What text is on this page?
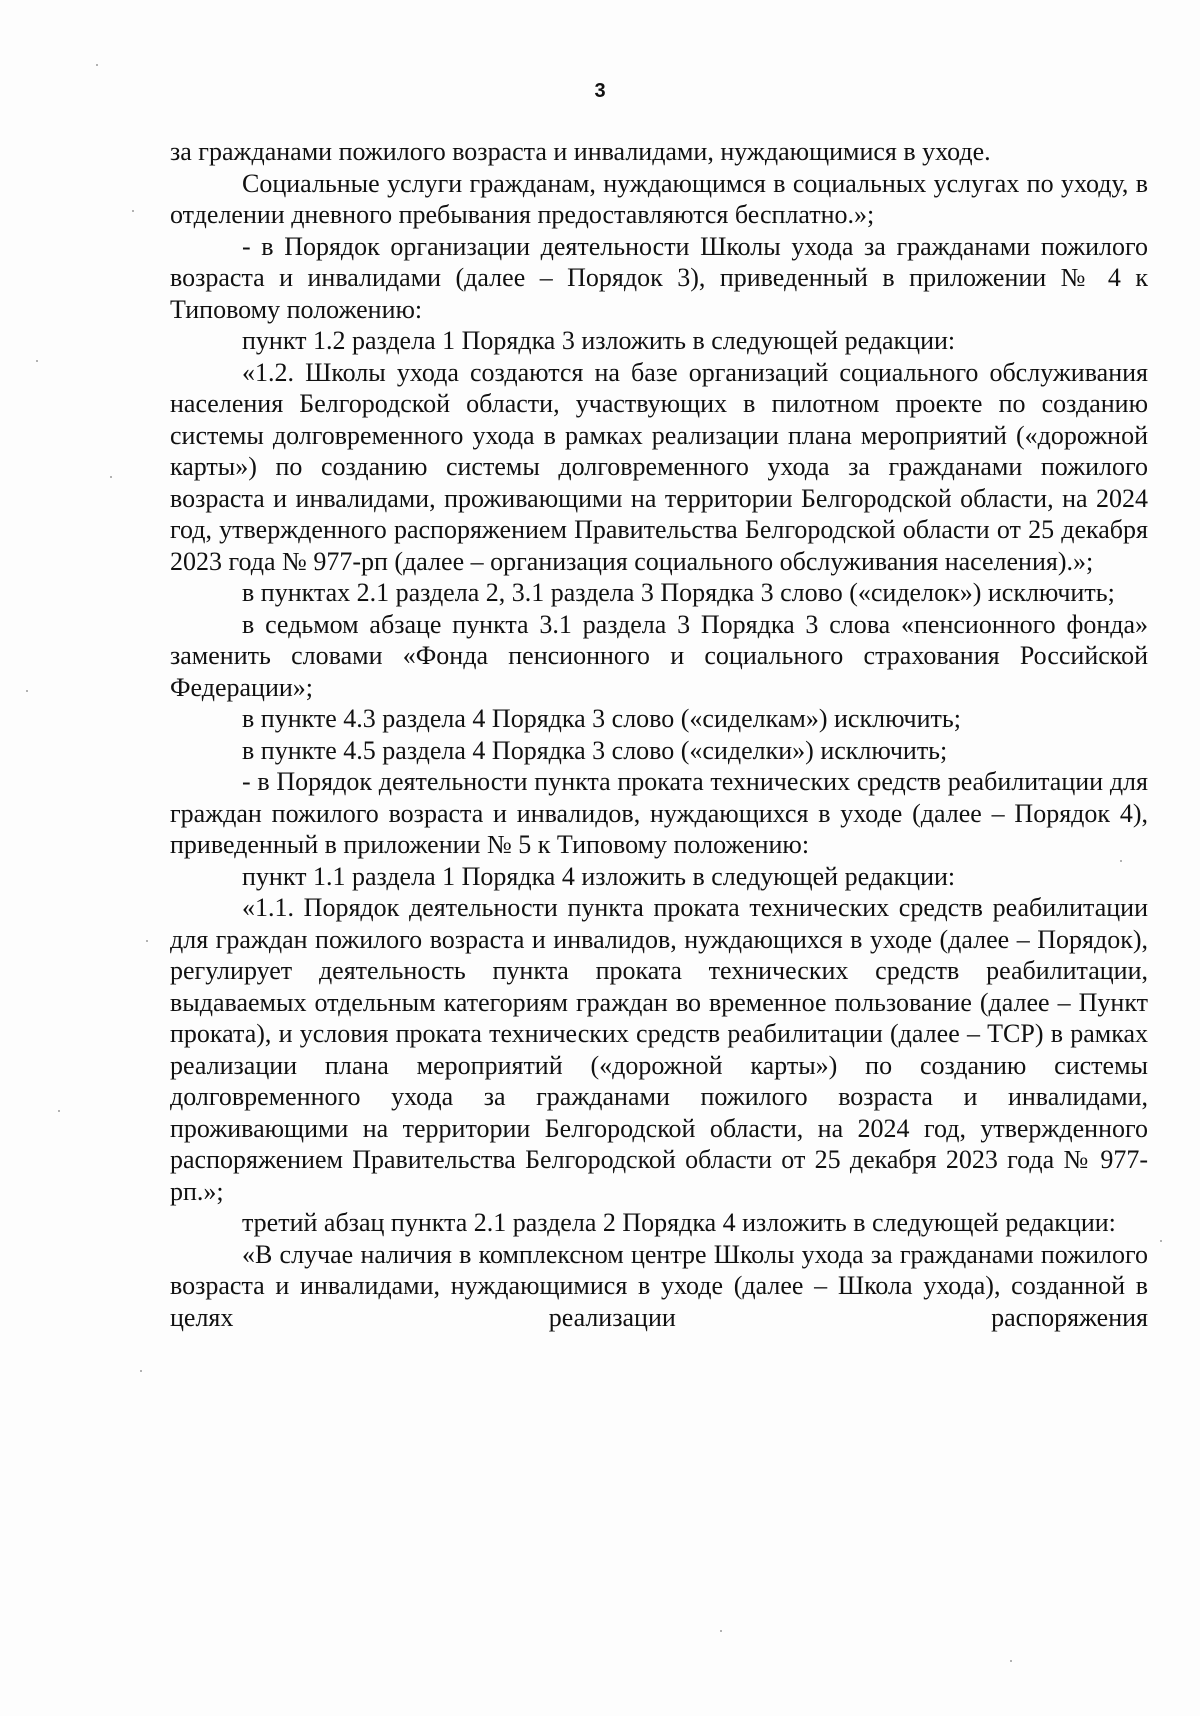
3

за гражданами пожилого возраста и инвалидами, нуждающимися в уходе.

Социальные услуги гражданам, нуждающимся в социальных услугах по уходу, в отделении дневного пребывания предоставляются бесплатно.»;

- в Порядок организации деятельности Школы ухода за гражданами пожилого возраста и инвалидами (далее – Порядок 3), приведенный в приложении № 4 к Типовому положению:

пункт 1.2 раздела 1 Порядка 3 изложить в следующей редакции:

«1.2. Школы ухода создаются на базе организаций социального обслуживания населения Белгородской области, участвующих в пилотном проекте по созданию системы долговременного ухода в рамках реализации плана мероприятий («дорожной карты») по созданию системы долговременного ухода за гражданами пожилого возраста и инвалидами, проживающими на территории Белгородской области, на 2024 год, утвержденного распоряжением Правительства Белгородской области от 25 декабря 2023 года № 977-рп (далее – организация социального обслуживания населения).»;

в пунктах 2.1 раздела 2, 3.1 раздела 3 Порядка 3 слово («сиделок») исключить;

в седьмом абзаце пункта 3.1 раздела 3 Порядка 3 слова «пенсионного фонда» заменить словами «Фонда пенсионного и социального страхования Российской Федерации»;

в пункте 4.3 раздела 4 Порядка 3 слово («сиделкам») исключить;

в пункте 4.5 раздела 4 Порядка 3 слово («сиделки») исключить;

- в Порядок деятельности пункта проката технических средств реабилитации для граждан пожилого возраста и инвалидов, нуждающихся в уходе (далее – Порядок 4), приведенный в приложении № 5 к Типовому положению:

пункт 1.1 раздела 1 Порядка 4 изложить в следующей редакции:

«1.1. Порядок деятельности пункта проката технических средств реабилитации для граждан пожилого возраста и инвалидов, нуждающихся в уходе (далее – Порядок), регулирует деятельность пункта проката технических средств реабилитации, выдаваемых отдельным категориям граждан во временное пользование (далее – Пункт проката), и условия проката технических средств реабилитации (далее – ТСР) в рамках реализации плана мероприятий («дорожной карты») по созданию системы долговременного ухода за гражданами пожилого возраста и инвалидами, проживающими на территории Белгородской области, на 2024 год, утвержденного распоряжением Правительства Белгородской области от 25 декабря 2023 года № 977-рп.»;

третий абзац пункта 2.1 раздела 2 Порядка 4 изложить в следующей редакции:

«В случае наличия в комплексном центре Школы ухода за гражданами пожилого возраста и инвалидами, нуждающимися в уходе (далее – Школа ухода), созданной в целях реализации распоряжения
